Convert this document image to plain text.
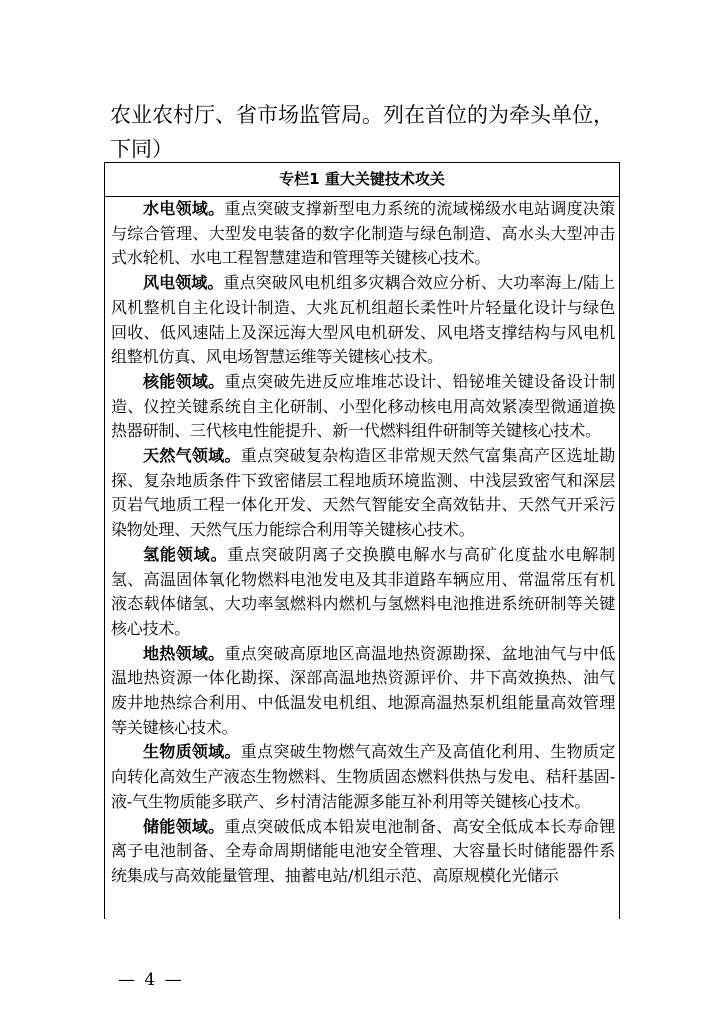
农业农村厅、省市场监管局。列在首位的为牵头单位，下同）

专栏1 重大关键技术攻关

水电领域。重点突破支撑新型电力系统的流域梯级水电站调度决策与综合管理、大型发电装备的数字化制造与绿色制造、高水头大型冲击式水轮机、水电工程智慧建造和管理等关键核心技术。

风电领域。重点突破风电机组多灾耦合效应分析、大功率海上/陆上风机整机自主化设计制造、大兆瓦机组超长柔性叶片轻量化设计与绿色回收、低风速陆上及深远海大型风电机研发、风电塔支撑结构与风电机组整机仿真、风电场智慧运维等关键核心技术。

核能领域。重点突破先进反应堆堆芯设计、铅铋堆关键设备设计制造、仪控关键系统自主化研制、小型化移动核电用高效紧凑型微通道换热器研制、三代核电性能提升、新一代燃料组件研制等关键核心技术。

天然气领域。重点突破复杂构造区非常规天然气富集高产区选址勘探、复杂地质条件下致密储层工程地质环境监测、中浅层致密气和深层页岩气地质工程一体化开发、天然气智能安全高效钻井、天然气开采污染物处理、天然气压力能综合利用等关键核心技术。

氢能领域。重点突破阴离子交换膜电解水与高矿化度盐水电解制氢、高温固体氧化物燃料电池发电及其非道路车辆应用、常温常压有机液态载体储氢、大功率氢燃料内燃机与氢燃料电池推进系统研制等关键核心技术。

地热领域。重点突破高原地区高温地热资源勘探、盆地油气与中低温地热资源一体化勘探、深部高温地热资源评价、井下高效换热、油气废井地热综合利用、中低温发电机组、地源高温热泵机组能量高效管理等关键核心技术。

生物质领域。重点突破生物燃气高效生产及高值化利用、生物质定向转化高效生产液态生物燃料、生物质固态燃料供热与发电、秸秆基固-液-气生物质能多联产、乡村清洁能源多能互补利用等关键核心技术。

储能领域。重点突破低成本铅炭电池制备、高安全低成本长寿命锂离子电池制备、全寿命周期储能电池安全管理、大容量长时储能器件系统集成与高效能量管理、抽蓄电站/机组示范、高原规模化光储示

— 4 —
